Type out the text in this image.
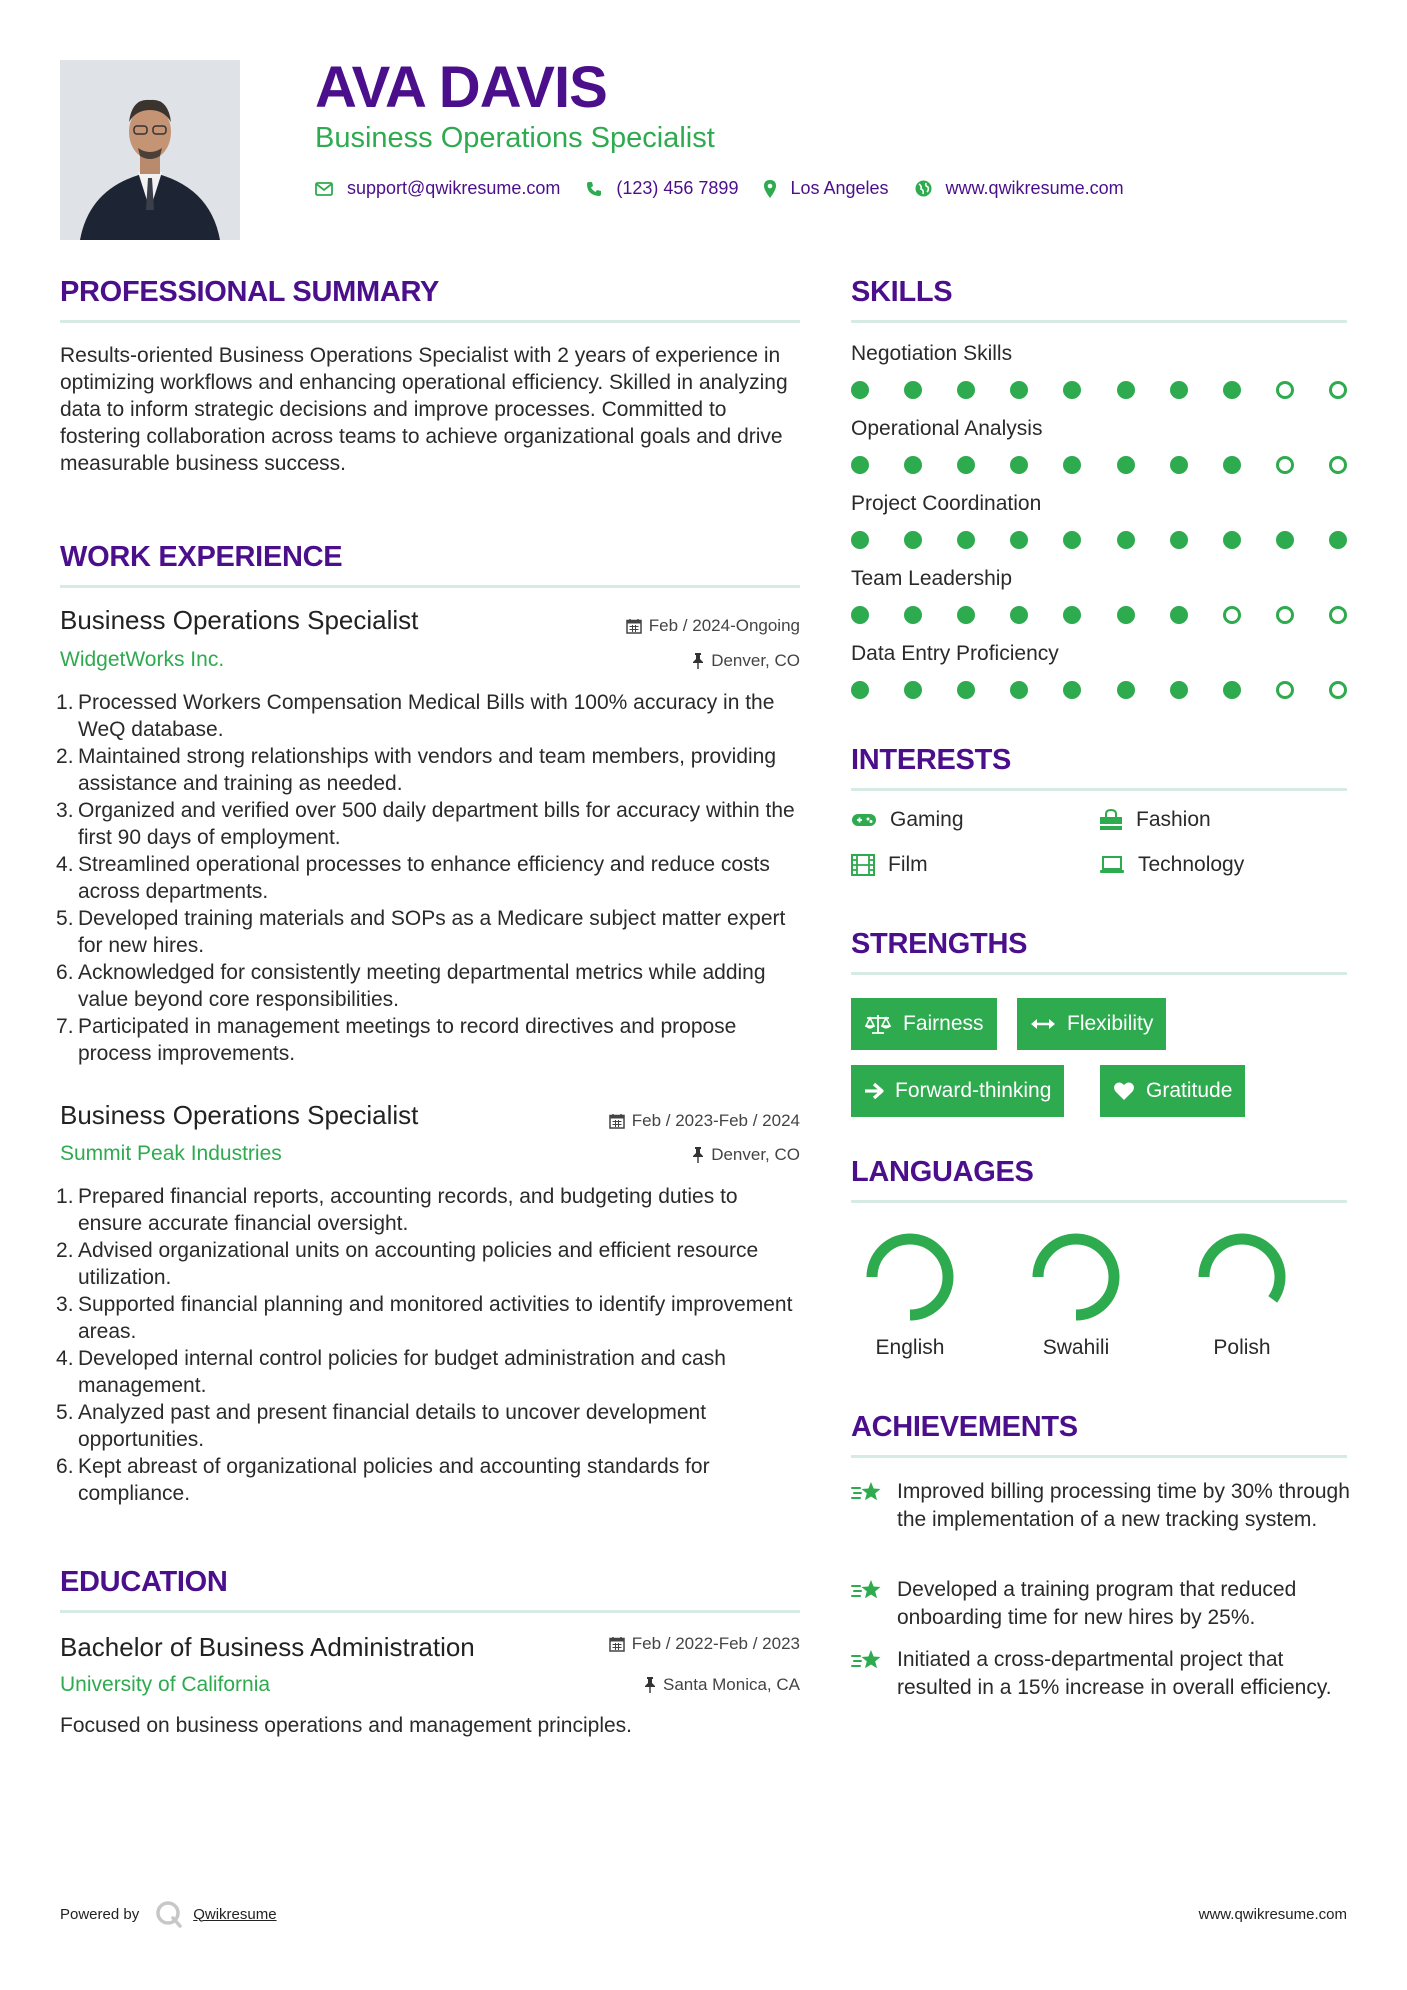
AVA DAVIS
Business Operations Specialist
support@qwikresume.com	(123) 456 7899	Los Angeles	www.qwikresume.com
PROFESSIONAL SUMMARY
Results-oriented Business Operations Specialist with 2 years of experience in optimizing workflows and enhancing operational efficiency. Skilled in analyzing data to inform strategic decisions and improve processes. Committed to fostering collaboration across teams to achieve organizational goals and drive measurable business success.
WORK EXPERIENCE
Business Operations Specialist	Feb / 2024-Ongoing
WidgetWorks Inc.	Denver, CO
Processed Workers Compensation Medical Bills with 100% accuracy in the WeQ database.
Maintained strong relationships with vendors and team members, providing assistance and training as needed.
Organized and verified over 500 daily department bills for accuracy within the first 90 days of employment.
Streamlined operational processes to enhance efficiency and reduce costs across departments.
Developed training materials and SOPs as a Medicare subject matter expert for new hires.
Acknowledged for consistently meeting departmental metrics while adding value beyond core responsibilities.
Participated in management meetings to record directives and propose process improvements.
Business Operations Specialist	Feb / 2023-Feb / 2024
Summit Peak Industries	Denver, CO
Prepared financial reports, accounting records, and budgeting duties to ensure accurate financial oversight.
Advised organizational units on accounting policies and efficient resource utilization.
Supported financial planning and monitored activities to identify improvement areas.
Developed internal control policies for budget administration and cash management.
Analyzed past and present financial details to uncover development opportunities.
Kept abreast of organizational policies and accounting standards for compliance.
EDUCATION
Bachelor of Business Administration	Feb / 2022-Feb / 2023
University of California	Santa Monica, CA
Focused on business operations and management principles.
SKILLS
Negotiation Skills
Operational Analysis
Project Coordination
Team Leadership
Data Entry Proficiency
INTERESTS
Gaming	Fashion
Film	Technology
STRENGTHS
Fairness	Flexibility
Forward-thinking	Gratitude
LANGUAGES
English	Swahili	Polish
ACHIEVEMENTS
Improved billing processing time by 30% through the implementation of a new tracking system.
Developed a training program that reduced onboarding time for new hires by 25%.
Initiated a cross-departmental project that resulted in a 15% increase in overall efficiency.
Powered by	Qwikresume	www.qwikresume.com
